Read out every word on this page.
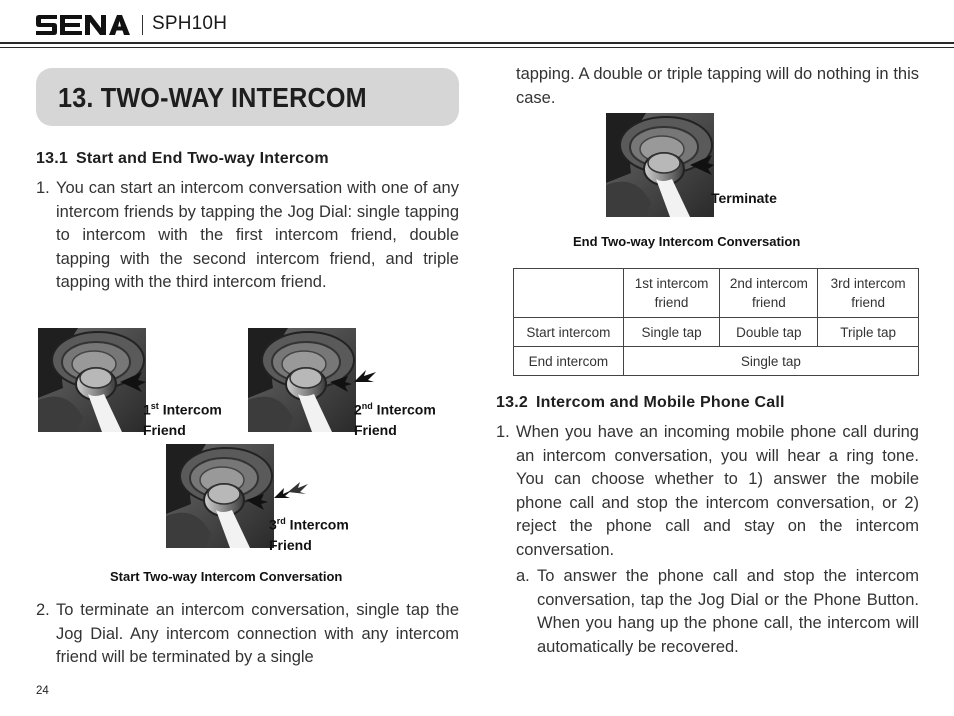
SPH10H
13. TWO-WAY INTERCOM
13.1 Start and End Two-way Intercom
1. You can start an intercom conversation with one of any intercom friends by tapping the Jog Dial: single tapping to intercom with the first intercom friend, double tapping with the second intercom friend, and triple tapping with the third intercom friend.
1st Intercom
Friend
2nd Intercom
Friend
3rd Intercom
Friend
Start Two-way Intercom Conversation
2. To terminate an intercom conversation, single tap the Jog Dial. Any intercom connection with any intercom friend will be terminated by a single
24
tapping. A double or triple tapping will do nothing in this case.
Terminate
End Two-way Intercom Conversation
	1st intercom friend	2nd intercom friend	3rd intercom friend
Start intercom	Single tap	Double tap	Triple tap
End intercom	Single tap		
13.2 Intercom and Mobile Phone Call
1. When you have an incoming mobile phone call during an intercom conversation, you will hear a ring tone. You can choose whether to 1) answer the mobile phone call and stop the intercom conversation, or 2) reject the phone call and stay on the intercom conversation.
a. To answer the phone call and stop the intercom conversation, tap the Jog Dial or the Phone Button. When you hang up the phone call, the intercom will automatically be recovered.
